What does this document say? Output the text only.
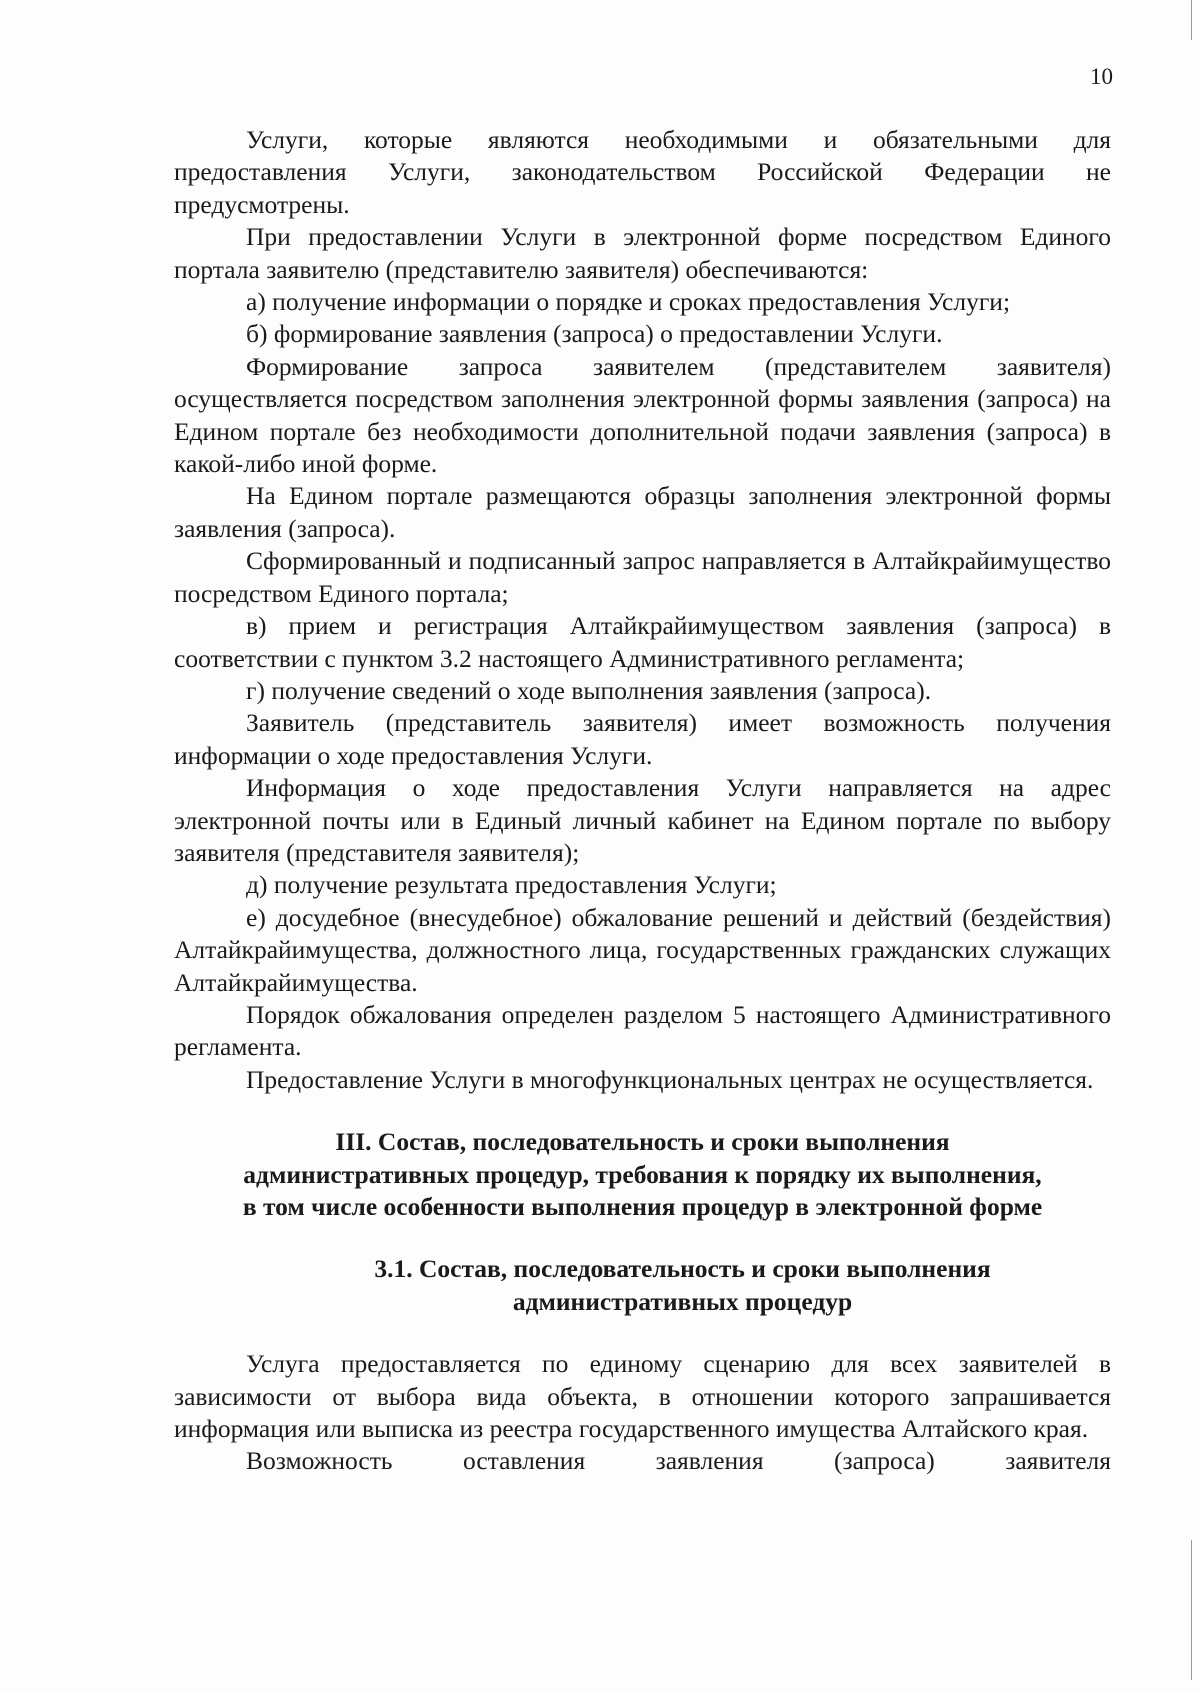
10

Услуги, которые являются необходимыми и обязательными для предоставления Услуги, законодательством Российской Федерации не предусмотрены.

При предоставлении Услуги в электронной форме посредством Единого портала заявителю (представителю заявителя) обеспечиваются:

а) получение информации о порядке и сроках предоставления Услуги;

б) формирование заявления (запроса) о предоставлении Услуги.

Формирование запроса заявителем (представителем заявителя) осуществляется посредством заполнения электронной формы заявления (запроса) на Едином портале без необходимости дополнительной подачи заявления (запроса) в какой-либо иной форме.

На Едином портале размещаются образцы заполнения электронной формы заявления (запроса).

Сформированный и подписанный запрос направляется в Алтайкрайимущество посредством Единого портала;

в) прием и регистрация Алтайкрайимуществом заявления (запроса) в соответствии с пунктом 3.2 настоящего Административного регламента;

г) получение сведений о ходе выполнения заявления (запроса).

Заявитель (представитель заявителя) имеет возможность получения информации о ходе предоставления Услуги.

Информация о ходе предоставления Услуги направляется на адрес электронной почты или в Единый личный кабинет на Едином портале по выбору заявителя (представителя заявителя);

д) получение результата предоставления Услуги;

е) досудебное (внесудебное) обжалование решений и действий (бездействия) Алтайкрайимущества, должностного лица, государственных гражданских служащих Алтайкрайимущества.

Порядок обжалования определен разделом 5 настоящего Административного регламента.

Предоставление Услуги в многофункциональных центрах не осуществляется.

III. Состав, последовательность и сроки выполнения административных процедур, требования к порядку их выполнения, в том числе особенности выполнения процедур в электронной форме
3.1. Состав, последовательность и сроки выполнения административных процедур

Услуга предоставляется по единому сценарию для всех заявителей в зависимости от выбора вида объекта, в отношении которого запрашивается информация или выписка из реестра государственного имущества Алтайского края.

Возможность оставления заявления (запроса) заявителя
